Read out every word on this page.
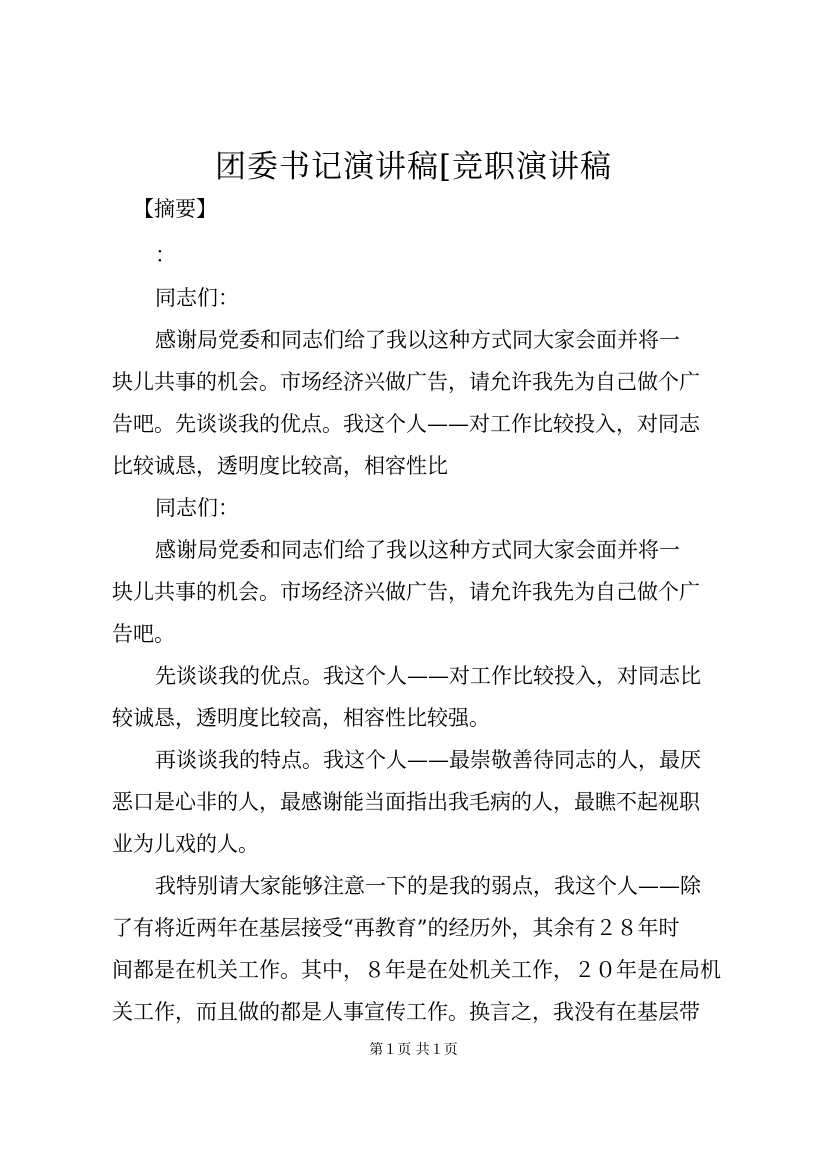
团委书记演讲稿[竞职演讲稿
【摘要】
：
同志们：
感谢局党委和同志们给了我以这种方式同大家会面并将一
块儿共事的机会。市场经济兴做广告，请允许我先为自己做个广
告吧。先谈谈我的优点。我这个人——对工作比较投入，对同志
比较诚恳，透明度比较高，相容性比
同志们：
感谢局党委和同志们给了我以这种方式同大家会面并将一
块儿共事的机会。市场经济兴做广告，请允许我先为自己做个广
告吧。
先谈谈我的优点。我这个人——对工作比较投入，对同志比
较诚恳，透明度比较高，相容性比较强。
再谈谈我的特点。我这个人——最崇敬善待同志的人，最厌
恶口是心非的人，最感谢能当面指出我毛病的人，最瞧不起视职
业为儿戏的人。
我特别请大家能够注意一下的是我的弱点，我这个人——除
了有将近两年在基层接受“再教育”的经历外，其余有２８年时
间都是在机关工作。其中，８年是在处机关工作，２０年是在局机
关工作，而且做的都是人事宣传工作。换言之，我没有在基层带
第１页 共１页
